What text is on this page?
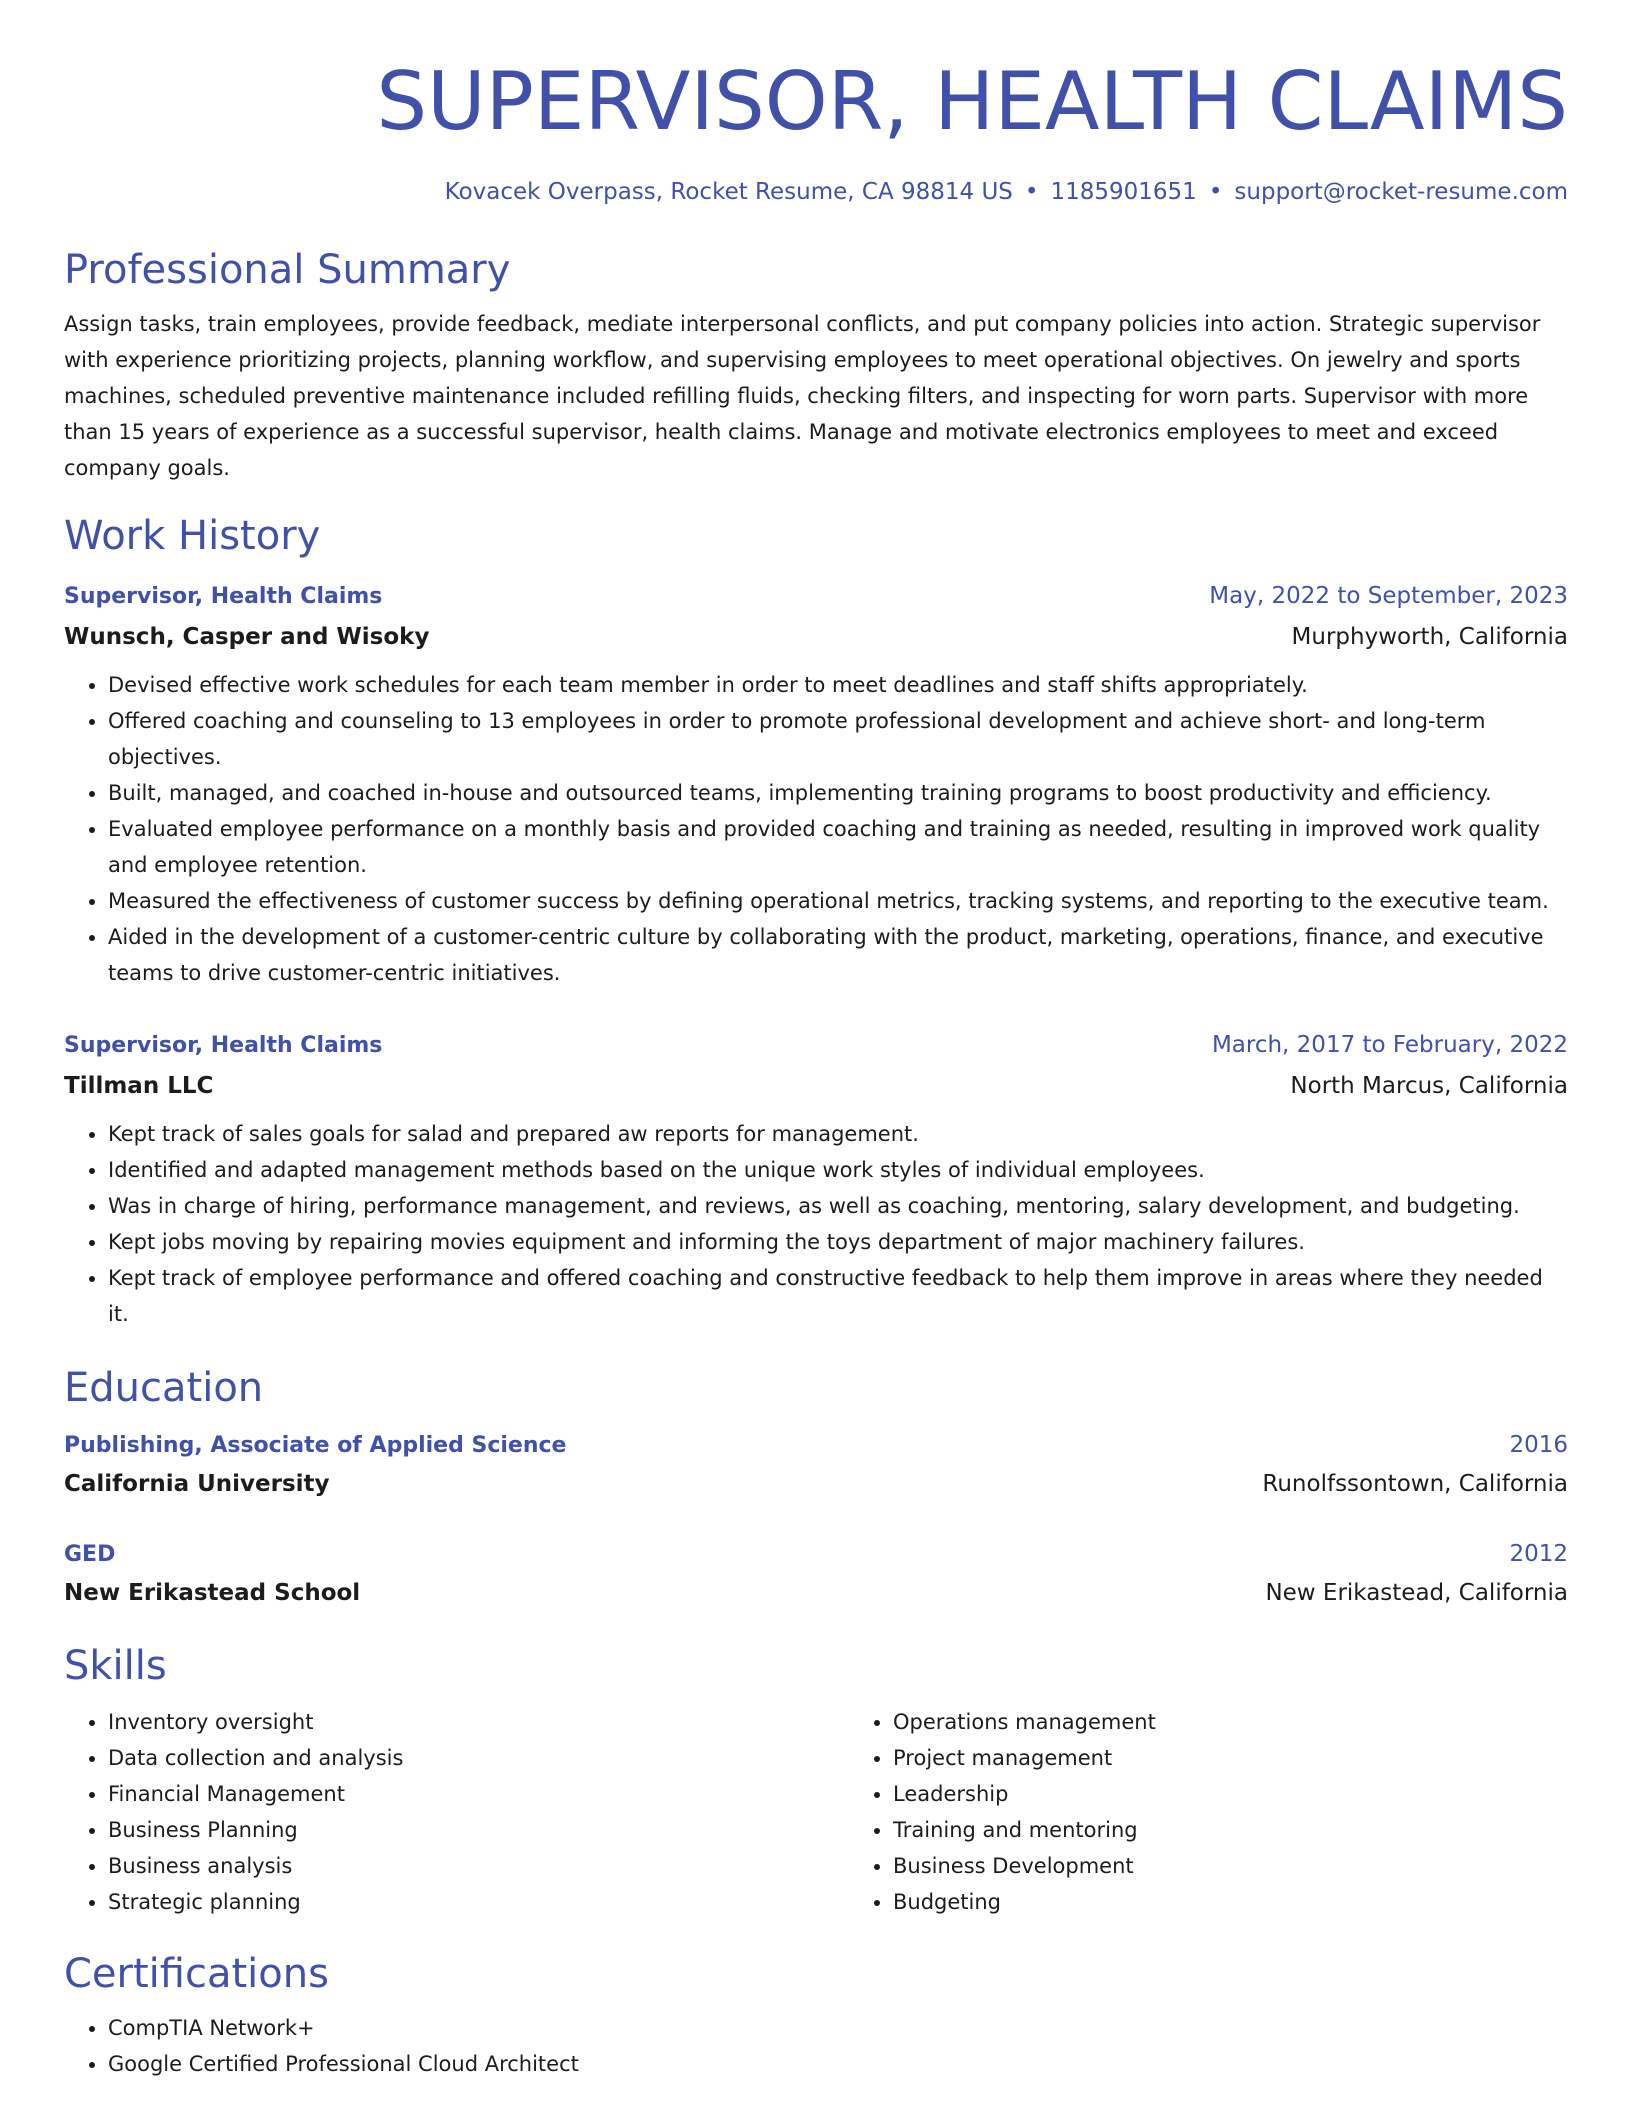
SUPERVISOR, HEALTH CLAIMS
Kovacek Overpass, Rocket Resume, CA 98814 US • 1185901651 • support@rocket-resume.com
Professional Summary

Assign tasks, train employees, provide feedback, mediate interpersonal conflicts, and put company policies into action. Strategic supervisor with experience prioritizing projects, planning workflow, and supervising employees to meet operational objectives. On jewelry and sports machines, scheduled preventive maintenance included refilling fluids, checking filters, and inspecting for worn parts. Supervisor with more than 15 years of experience as a successful supervisor, health claims. Manage and motivate electronics employees to meet and exceed company goals.

Work History
Supervisor, Health Claims	May, 2022 to September, 2023
Wunsch, Casper and Wisoky	Murphyworth, California
• Devised effective work schedules for each team member in order to meet deadlines and staff shifts appropriately.
• Offered coaching and counseling to 13 employees in order to promote professional development and achieve short- and long-term objectives.
• Built, managed, and coached in-house and outsourced teams, implementing training programs to boost productivity and efficiency.
• Evaluated employee performance on a monthly basis and provided coaching and training as needed, resulting in improved work quality and employee retention.
• Measured the effectiveness of customer success by defining operational metrics, tracking systems, and reporting to the executive team.
• Aided in the development of a customer-centric culture by collaborating with the product, marketing, operations, finance, and executive teams to drive customer-centric initiatives.
Supervisor, Health Claims	March, 2017 to February, 2022
Tillman LLC	North Marcus, California
• Kept track of sales goals for salad and prepared aw reports for management.
• Identified and adapted management methods based on the unique work styles of individual employees.
• Was in charge of hiring, performance management, and reviews, as well as coaching, mentoring, salary development, and budgeting.
• Kept jobs moving by repairing movies equipment and informing the toys department of major machinery failures.
• Kept track of employee performance and offered coaching and constructive feedback to help them improve in areas where they needed it.
Education
Publishing, Associate of Applied Science	2016
California University	Runolfssontown, California
GED	2012
New Erikastead School	New Erikastead, California
Skills
• Inventory oversight
• Data collection and analysis
• Financial Management
• Business Planning
• Business analysis
• Strategic planning
• Operations management
• Project management
• Leadership
• Training and mentoring
• Business Development
• Budgeting
Certifications
• CompTIA Network+
• Google Certified Professional Cloud Architect
